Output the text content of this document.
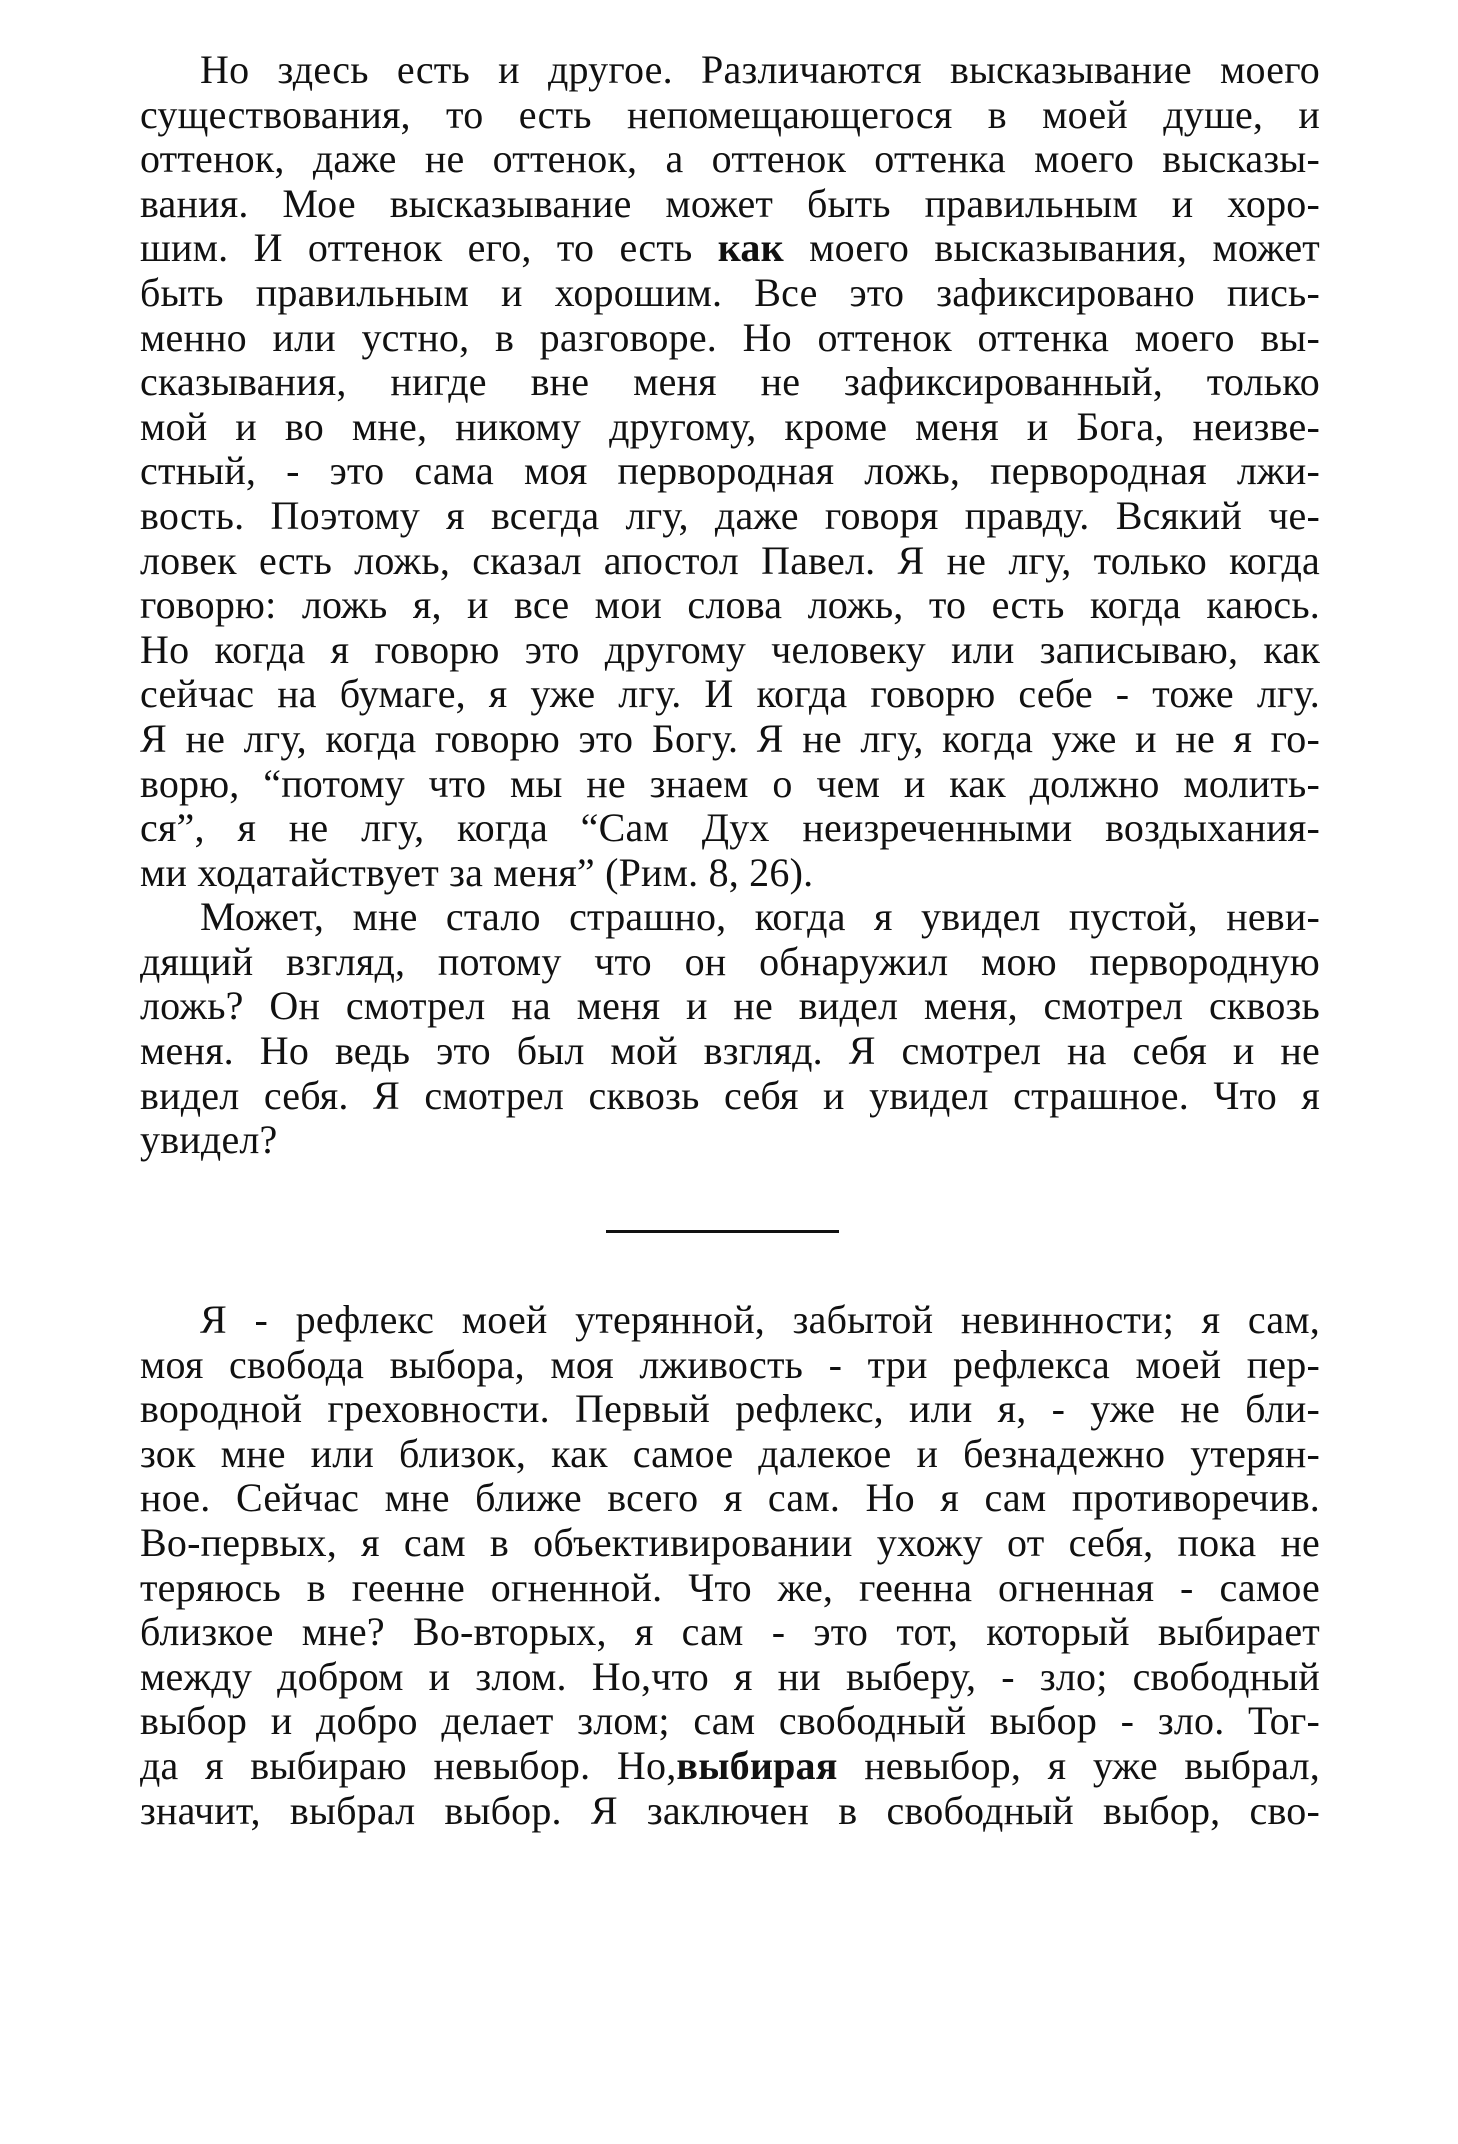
Но здесь есть и другое. Различаются высказывание моего
существования, то есть непомещающегося в моей душе, и
оттенок, даже не оттенок, а оттенок оттенка моего высказы-
вания. Мое высказывание может быть правильным и хоро-
шим. И оттенок его, то есть как моего высказывания, может
быть правильным и хорошим. Все это зафиксировано пись-
менно или устно, в разговоре. Но оттенок оттенка моего вы-
сказывания, нигде вне меня не зафиксированный, только
мой и во мне, никому другому, кроме меня и Бога, неизве-
стный, - это сама моя первородная ложь, первородная лжи-
вость. Поэтому я всегда лгу, даже говоря правду. Всякий че-
ловек есть ложь, сказал апостол Павел. Я не лгу, только когда
говорю: ложь я, и все мои слова ложь, то есть когда каюсь.
Но когда я говорю это другому человеку или записываю, как
сейчас на бумаге, я уже лгу. И когда говорю себе - тоже лгу.
Я не лгу, когда говорю это Богу. Я не лгу, когда уже и не я го-
ворю, “потому что мы не знаем о чем и как должно молить-
ся”, я не лгу, когда “Сам Дух неизреченными воздыхания-
ми ходатайствует за меня” (Рим. 8, 26).

Может, мне стало страшно, когда я увидел пустой, неви-
дящий взгляд, потому что он обнаружил мою первородную
ложь? Он смотрел на меня и не видел меня, смотрел сквозь
меня. Но ведь это был мой взгляд. Я смотрел на себя и не
видел себя. Я смотрел сквозь себя и увидел страшное. Что я
увидел?

Я - рефлекс моей утерянной, забытой невинности; я сам,
моя свобода выбора, моя лживость - три рефлекса моей пер-
вородной греховности. Первый рефлекс, или я, - уже не бли-
зок мне или близок, как самое далекое и безнадежно утерян-
ное. Сейчас мне ближе всего я сам. Но я сам противоречив.
Во-первых, я сам в объективировании ухожу от себя, пока не
теряюсь в геенне огненной. Что же, геенна огненная - самое
близкое мне? Во-вторых, я сам - это тот, который выбирает
между добром и злом. Но,что я ни выберу, - зло; свободный
выбор и добро делает злом; сам свободный выбор - зло. Тог-
да я выбираю невыбор. Но,выбирая невыбор, я уже выбрал,
значит, выбрал выбор. Я заключен в свободный выбор, сво-
